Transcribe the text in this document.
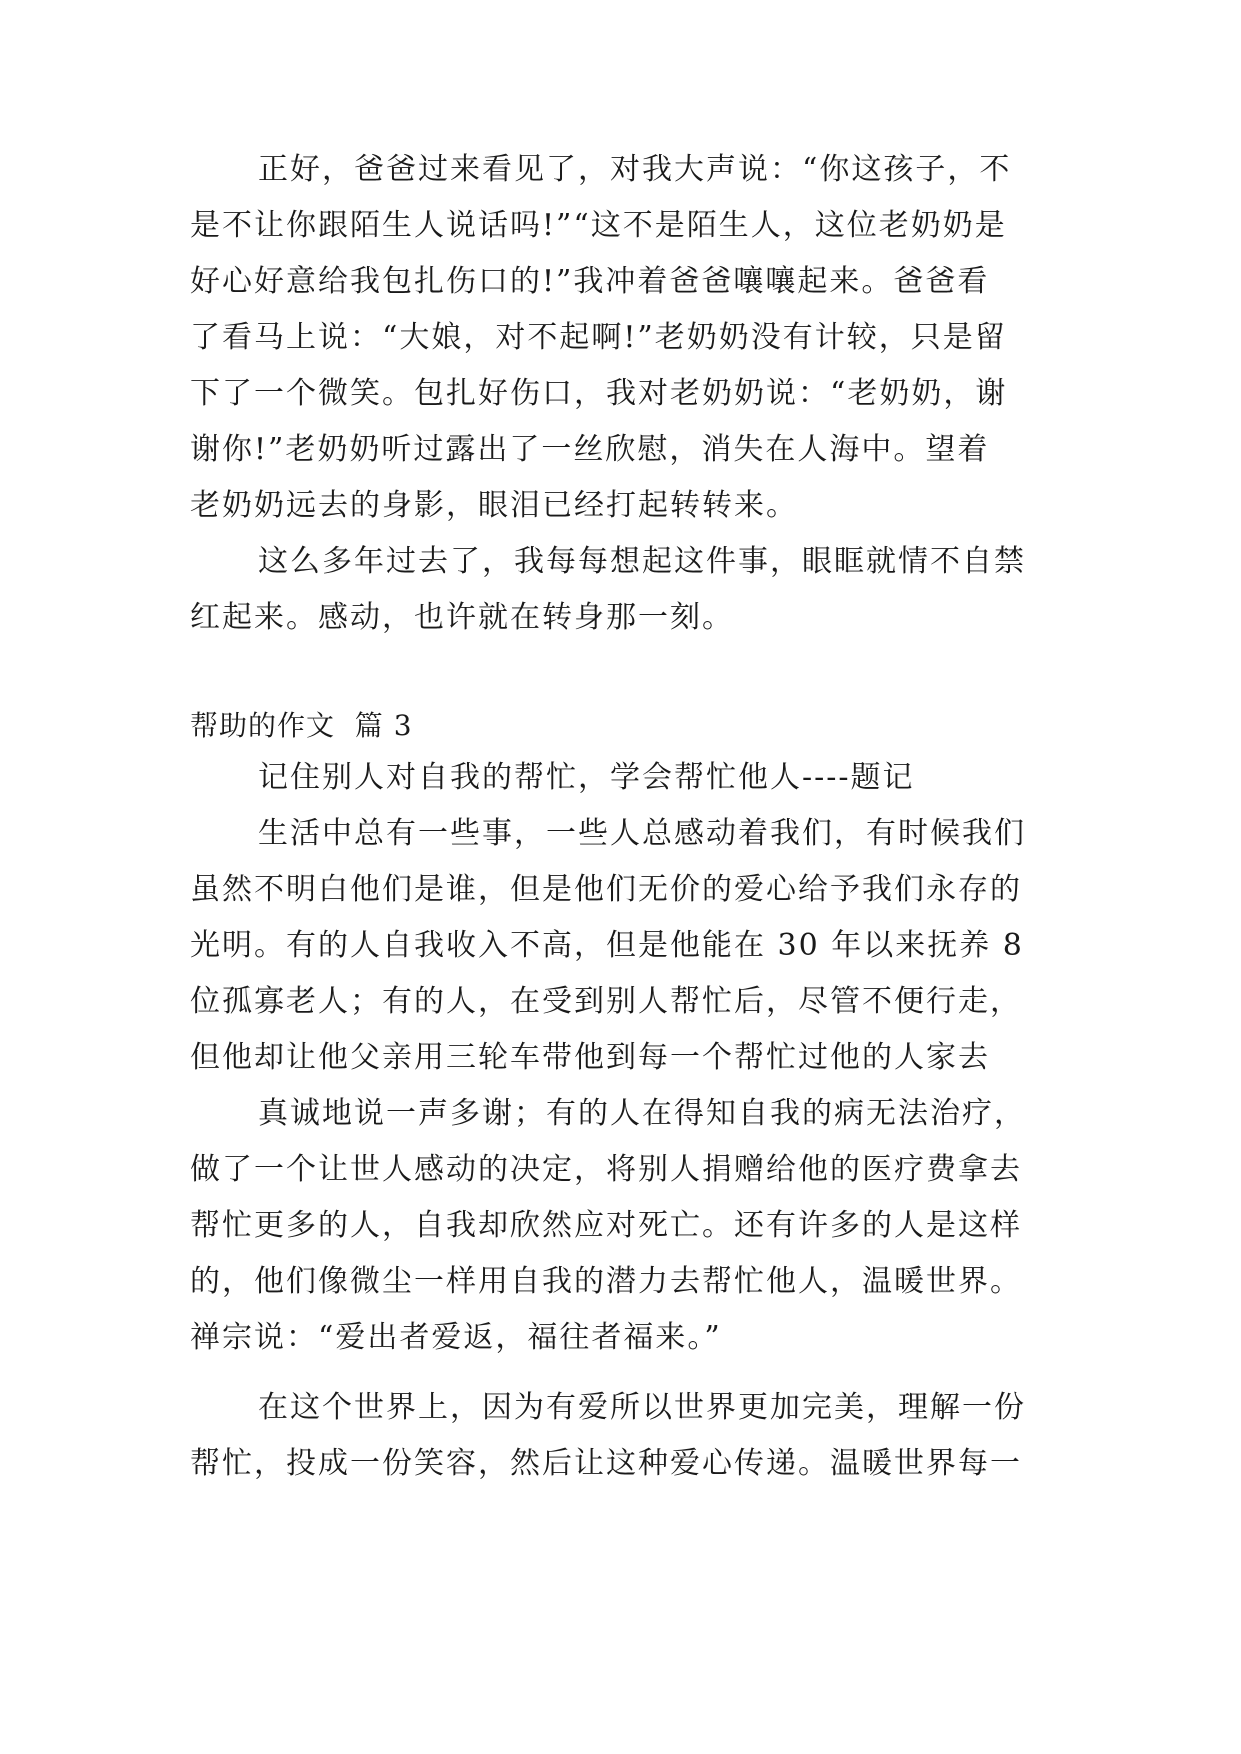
正好，爸爸过来看见了，对我大声说：“你这孩子，不
是不让你跟陌生人说话吗!”“这不是陌生人，这位老奶奶是
好心好意给我包扎伤口的!”我冲着爸爸嚷嚷起来。爸爸看
了看马上说：“大娘，对不起啊!”老奶奶没有计较，只是留
下了一个微笑。包扎好伤口，我对老奶奶说：“老奶奶，谢
谢你!”老奶奶听过露出了一丝欣慰，消失在人海中。望着
老奶奶远去的身影，眼泪已经打起转转来。
这么多年过去了，我每每想起这件事，眼眶就情不自禁
红起来。感动，也许就在转身那一刻。
帮助的作文  篇 3
记住别人对自我的帮忙，学会帮忙他人----题记
生活中总有一些事，一些人总感动着我们，有时候我们
虽然不明白他们是谁，但是他们无价的爱心给予我们永存的
光明。有的人自我收入不高，但是他能在 30 年以来抚养 8
位孤寡老人；有的人，在受到别人帮忙后，尽管不便行走，
但他却让他父亲用三轮车带他到每一个帮忙过他的人家去
真诚地说一声多谢；有的人在得知自我的病无法治疗，
做了一个让世人感动的决定，将别人捐赠给他的医疗费拿去
帮忙更多的人，自我却欣然应对死亡。还有许多的人是这样
的，他们像微尘一样用自我的潜力去帮忙他人，温暖世界。
禅宗说：“爱出者爱返，福往者福来。”
在这个世界上，因为有爱所以世界更加完美，理解一份
帮忙，投成一份笑容，然后让这种爱心传递。温暖世界每一
